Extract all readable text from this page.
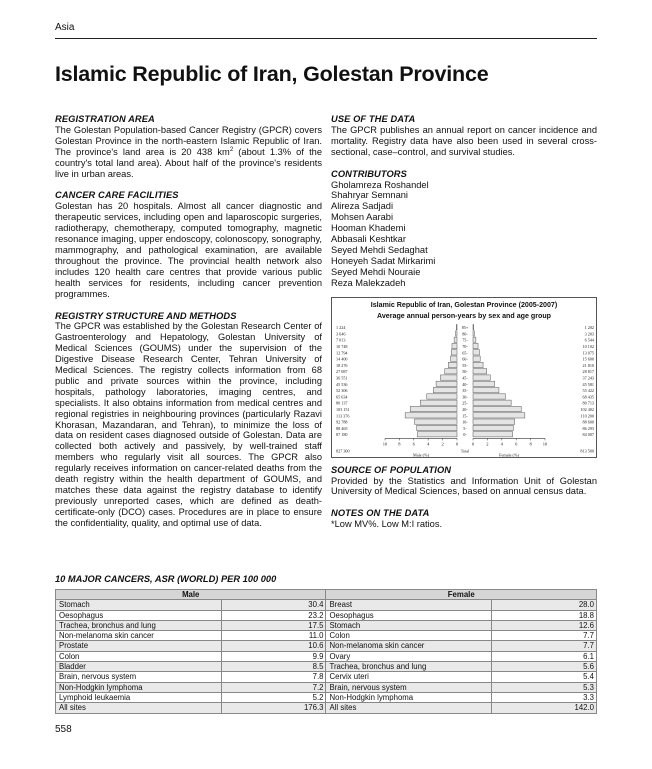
Asia
Islamic Republic of Iran, Golestan Province
REGISTRATION AREA

The Golestan Population-based Cancer Registry (GPCR) covers Golestan Province in the north-eastern Islamic Republic of Iran. The province's land area is 20 438 $km^2$ (about 1.3% of the country's total land area). About half of the province's residents live in urban areas.

CANCER CARE FACILITIES

Golestan has 20 hospitals. Almost all cancer diagnostic and therapeutic services, including open and laparoscopic surgeries, radiotherapy, chemotherapy, computed tomography, magnetic resonance imaging, upper endoscopy, colonoscopy, sonography, mammography, and pathological examination, are available throughout the province. The provincial health network also includes 120 health care centres that provide various public health services for residents, including cancer prevention programmes.

REGISTRY STRUCTURE AND METHODS

The GPCR was established by the Golestan Research Center of Gastroenterology and Hepatology, Golestan University of Medical Sciences (GOUMS) under the supervision of the Digestive Disease Research Center, Tehran University of Medical Sciences. The registry collects information from 68 public and private sources within the province, including hospitals, pathology laboratories, imaging centres, and specialists. It also obtains information from medical centres and regional registries in neighbouring provinces (particularly Razavi Khorasan, Mazandaran, and Tehran), to minimize the loss of data on resident cases diagnosed outside of Golestan. Data are collected both actively and passively, by well-trained staff members who regularly visit all sources. The GPCR also regularly receives information on cancer-related deaths from the death registry within the health department of GOUMS, and matches these data against the registry database to identify previously unreported cases, which are defined as death-certificate-only (DCO) cases. Procedures are in place to ensure the confidentiality, quality, and optimal use of data.

USE OF THE DATA

The GPCR publishes an annual report on cancer incidence and mortality. Registry data have also been used in several cross-sectional, case–control, and survival studies.

CONTRIBUTORS
Gholamreza Roshandel
Shahryar Semnani
Alireza Sadjadi
Mohsen Aarabi
Hooman Khademi
Abbasali Keshtkar
Seyed Mehdi Sedaghat
Honeyeh Sadat Mirkarimi
Seyed Mehdi Nouraie
Reza Malekzadeh
Islamic Republic of Iran, Golestan Province (2005-2007)
Average annual person-years by sex and age group
0-
87 180	84 007
5-
88 465	86 293
10-
92 788	88 600
15-
113 376	110 200
20-
103 151	102 402
25-
80 137	80 713
30-
65 634	68 435
35-
52 306	55 422
40-
45 536	45 581
45-
36 551	37 243
50-
27 087	28 817
55-
18 276	21 810
60-
14 400	15 600
65-
12 794	13 075
70-
10 748	10 102
75-
7 013	6 544
80-
3 646	3 203
85+
1 224	1 202
10 8	6	4	2	0	0	2	4	6	8 10
827 300	Total	813 500
Male (%)	Female (%)
SOURCE OF POPULATION

Provided by the Statistics and Information Unit of Golestan University of Medical Sciences, based on annual census data.

NOTES ON THE DATA

*Low MV%. Low M:I ratios.

10 MAJOR CANCERS, ASR (WORLD) PER 100 000
Male		Female	
Stomach	30.4	Breast	28.0
Oesophagus	23.2	Oesophagus	18.8
Trachea, bronchus and lung	17.5	Stomach	12.6
Non-melanoma skin cancer	11.0	Colon	7.7
Prostate	10.6	Non-melanoma skin cancer	7.7
Colon	9.9	Ovary	6.1
Bladder	8.5	Trachea, bronchus and lung	5.6
Brain, nervous system	7.8	Cervix uteri	5.4
Non-Hodgkin lymphoma	7.2	Brain, nervous system	5.3
Lymphoid leukaemia	5.2	Non-Hodgkin lymphoma	3.3
All sites	176.3	All sites	142.0
558
